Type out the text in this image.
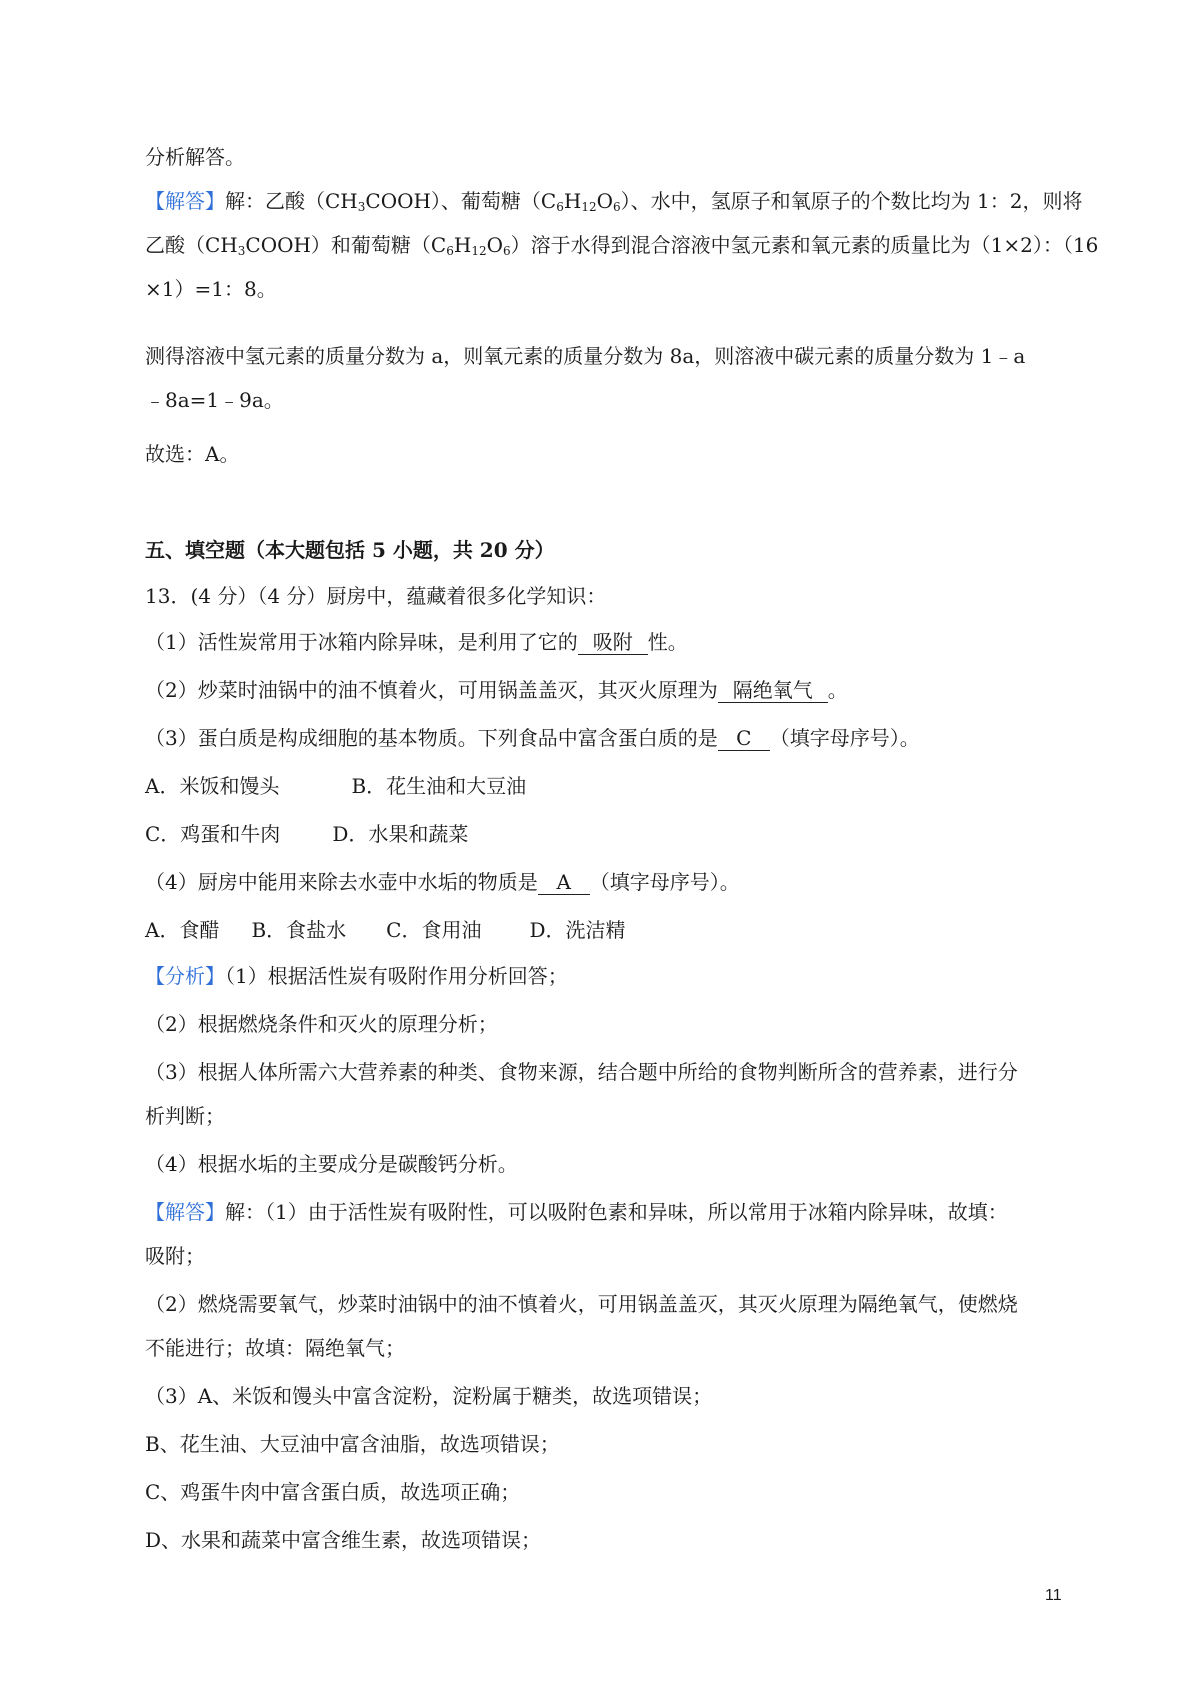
分析解答。
【解答】解：乙酸$(CH_3COOH)$、葡萄糖$(C_6H_{12}O_6)$、水中，氢原子和氧原子的个数比均为 1：2，则将
乙酸$(CH_3COOH)$和葡萄糖$(C_6H_{12}O_6)$溶于水得到混合溶液中氢元素和氧元素的质量比为（1×2）：（16
×1）=1：8。
测得溶液中氢元素的质量分数为 a，则氧元素的质量分数为 8a，则溶液中碳元素的质量分数为 1﹣a
﹣8a=1﹣9a。
故选：A。
五、填空题（本大题包括 5 小题，共 20 分）
13．(4 分）（4 分）厨房中，蕴藏着很多化学知识：
（1）活性炭常用于冰箱内除异味，是利用了它的 吸附 性。
（2）炒菜时油锅中的油不慎着火，可用锅盖盖灭，其灭火原理为 隔绝氧气 。
（3）蛋白质是构成细胞的基本物质。下列食品中富含蛋白质的是 C （填字母序号）。
A．米饭和馒头	B．花生油和大豆油
C．鸡蛋和牛肉	D．水果和蔬菜
（4）厨房中能用来除去水壶中水垢的物质是 A （填字母序号）。
A．食醋 B．食盐水 C．食用油 D．洗洁精
【分析】（1）根据活性炭有吸附作用分析回答；
（2）根据燃烧条件和灭火的原理分析；
（3）根据人体所需六大营养素的种类、食物来源，结合题中所给的食物判断所含的营养素，进行分
析判断；
（4）根据水垢的主要成分是碳酸钙分析。
【解答】解：（1）由于活性炭有吸附性，可以吸附色素和异味，所以常用于冰箱内除异味，故填：
吸附；
（2）燃烧需要氧气，炒菜时油锅中的油不慎着火，可用锅盖盖灭，其灭火原理为隔绝氧气，使燃烧
不能进行；故填：隔绝氧气；
（3）A、米饭和馒头中富含淀粉，淀粉属于糖类，故选项错误；
B、花生油、大豆油中富含油脂，故选项错误；
C、鸡蛋牛肉中富含蛋白质，故选项正确；
D、水果和蔬菜中富含维生素，故选项错误；
11
